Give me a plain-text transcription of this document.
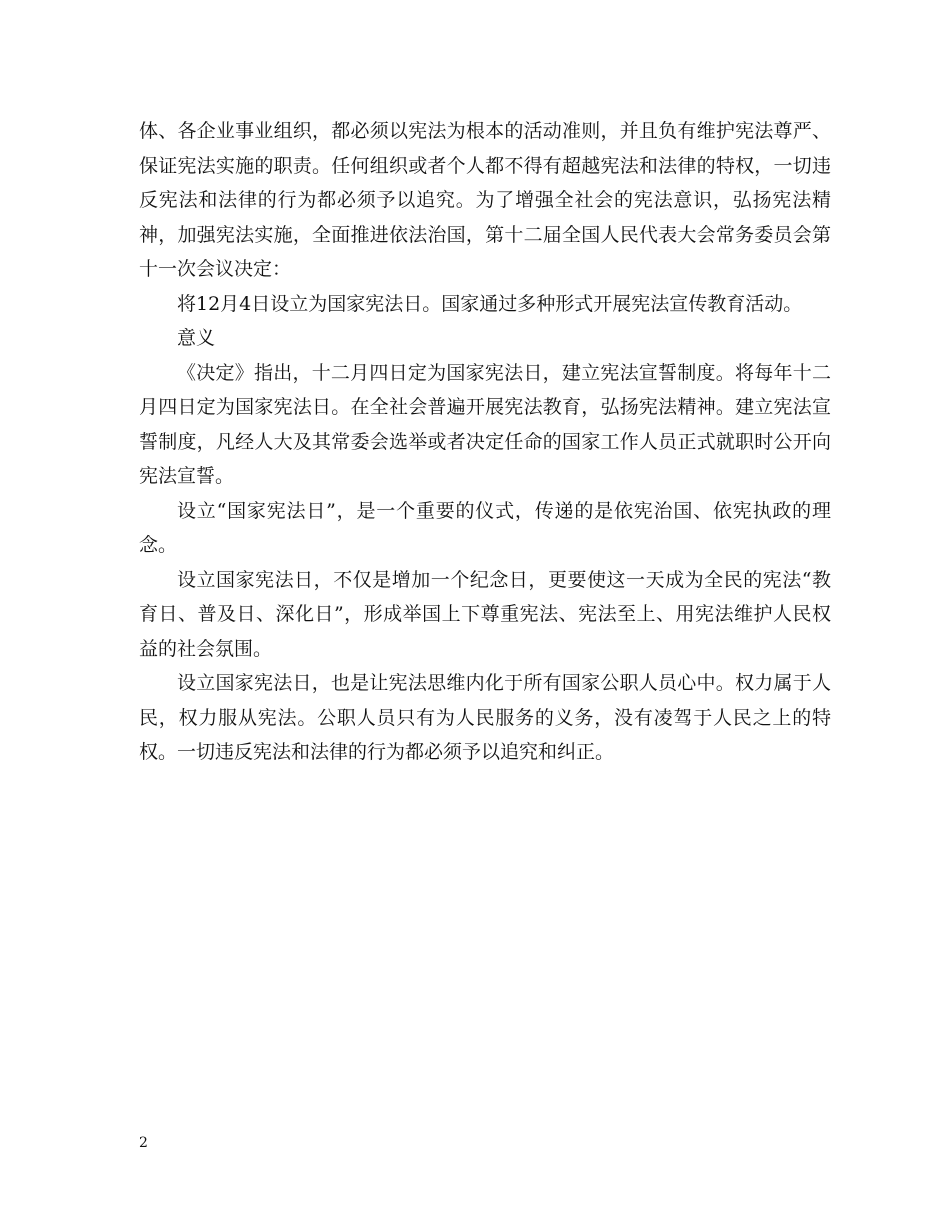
体、各企业事业组织，都必须以宪法为根本的活动准则，并且负有维护宪法尊严、保证宪法实施的职责。任何组织或者个人都不得有超越宪法和法律的特权，一切违反宪法和法律的行为都必须予以追究。为了增强全社会的宪法意识，弘扬宪法精神，加强宪法实施，全面推进依法治国，第十二届全国人民代表大会常务委员会第十一次会议决定：

将12月4日设立为国家宪法日。国家通过多种形式开展宪法宣传教育活动。

意义

《决定》指出，十二月四日定为国家宪法日，建立宪法宣誓制度。将每年十二月四日定为国家宪法日。在全社会普遍开展宪法教育，弘扬宪法精神。建立宪法宣誓制度，凡经人大及其常委会选举或者决定任命的国家工作人员正式就职时公开向宪法宣誓。

设立“国家宪法日”，是一个重要的仪式，传递的是依宪治国、依宪执政的理念。

设立国家宪法日，不仅是增加一个纪念日，更要使这一天成为全民的宪法“教育日、普及日、深化日”，形成举国上下尊重宪法、宪法至上、用宪法维护人民权益的社会氛围。

设立国家宪法日，也是让宪法思维内化于所有国家公职人员心中。权力属于人民，权力服从宪法。公职人员只有为人民服务的义务，没有凌驾于人民之上的特权。一切违反宪法和法律的行为都必须予以追究和纠正。

2
